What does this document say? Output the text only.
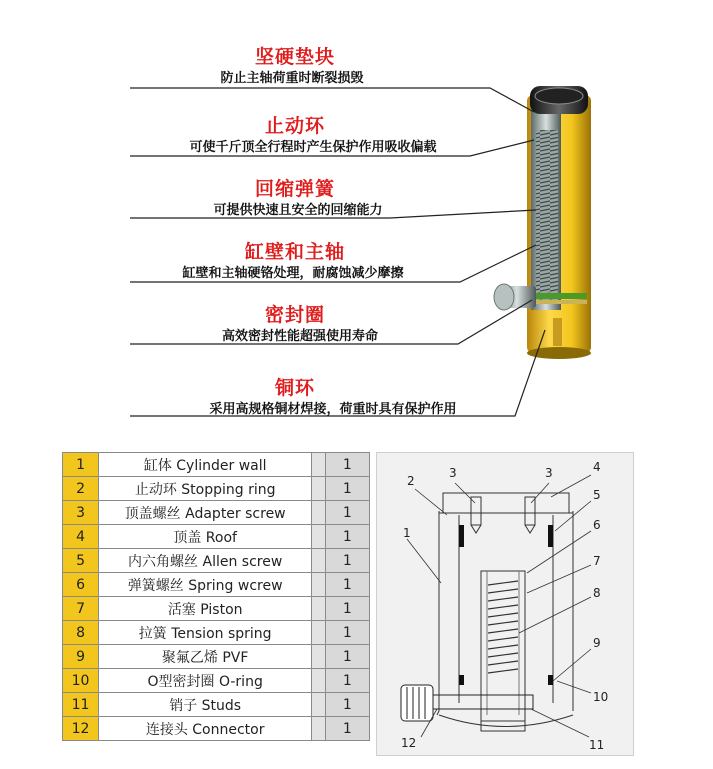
坚硬垫块
防止主轴荷重时断裂损毁
止动环
可使千斤顶全行程时产生保护作用吸收偏载
回缩弹簧
可提供快速且安全的回缩能力
缸壁和主轴
缸壁和主轴硬铬处理，耐腐蚀减少摩擦
密封圈
高效密封性能超强使用寿命
铜环
采用高规格铜材焊接，荷重时具有保护作用
1	缸体 Cylinder wall		1
2	止动环 Stopping ring		1
3	顶盖螺丝 Adapter screw		1
4	顶盖 Roof		1
5	内六角螺丝 Allen screw		1
6	弹簧螺丝 Spring wcrew		1
7	活塞 Piston		1
8	拉簧 Tension spring		1
9	聚氟乙烯 PVF		1
10	O型密封圈 O-ring		1
11	销子 Studs		1
12	连接头 Connector		1
3	3
2
4
5
6
1
7
8
9
10
12	11
